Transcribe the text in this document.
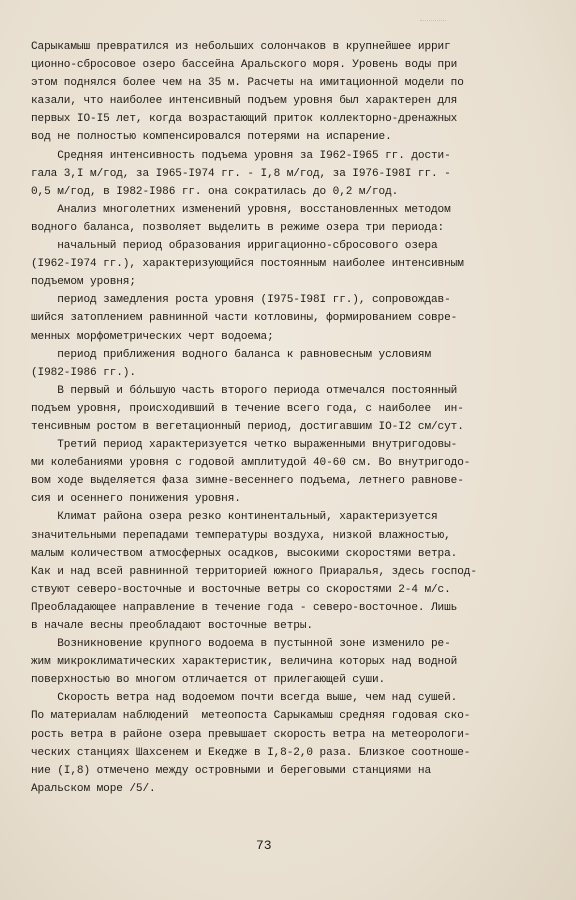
Сарыкамыш превратился из небольших солончаков в крупнейшее ирриг
ционно-сбросовое озеро бассейна Аральского моря. Уровень воды при
этом поднялся более чем на 35 м. Расчеты на имитационной модели по
казали, что наиболее интенсивный подъем уровня был характерен для
первых IO-I5 лет, когда возрастающий приток коллекторно-дренажных
вод не полностью компенсировался потерями на испарение.
Средняя интенсивность подъема уровня за I962-I965 гг. дости-
гала 3,I м/год, за I965-I974 гг. - I,8 м/год, за I976-I98I гг. -
0,5 м/год, в I982-I986 гг. она сократилась до 0,2 м/год.
Анализ многолетних изменений уровня, восстановленных методом
водного баланса, позволяет выделить в режиме озера три периода:
начальный период образования ирригационно-сбросового озера
(I962-I974 гг.), характеризующийся постоянным наиболее интенсивным
подъемом уровня;
период замедления роста уровня (I975-I98I гг.), сопровождав-
шийся затоплением равнинной части котловины, формированием совре-
менных морфометрических черт водоема;
период приближения водного баланса к равновесным условиям
(I982-I986 гг.).
В первый и бóльшую часть второго периода отмечался постоянный
подъем уровня, происходивший в течение всего года, с наиболее  ин-
тенсивным ростом в вегетационный период, достигавшим IO-I2 см/сут.
Третий период характеризуется четко выраженными внутригодовы-
ми колебаниями уровня с годовой амплитудой 40-60 см. Во внутригодо-
вом ходе выделяется фаза зимне-весеннего подъема, летнего равнове-
сия и осеннего понижения уровня.
Климат района озера резко континентальный, характеризуется
значительными перепадами температуры воздуха, низкой влажностью,
малым количеством атмосферных осадков, высокими скоростями ветра.
Как и над всей равнинной территорией южного Приаралья, здесь господ-
ствуют северо-восточные и восточные ветры со скоростями 2-4 м/с.
Преобладающее направление в течение года - северо-восточное. Лишь
в начале весны преобладают восточные ветры.
Возникновение крупного водоема в пустынной зоне изменило ре-
жим микроклиматических характеристик, величина которых над водной
поверхностью во многом отличается от прилегающей суши.
Скорость ветра над водоемом почти всегда выше, чем над сушей.
По материалам наблюдений  метеопоста Сарыкамыш средняя годовая ско-
рость ветра в районе озера превышает скорость ветра на метеорологи-
ческих станциях Шахсенем и Екедже в I,8-2,0 раза. Близкое соотноше-
ние (I,8) отмечено между островными и береговыми станциями на
Аральском море /5/.
73
